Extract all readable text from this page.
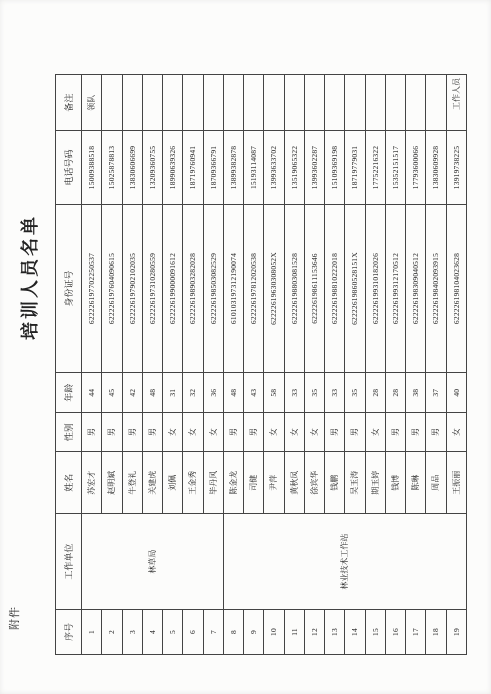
附件
培训人员名单
序号	工作单位	姓名	性别	年龄	身份证号	电话号码	备注
1	林草局	苏宏才	男	44	622226197702250537	15009388518	领队
2		赵明斌	男	45	622226197604090615	15025878813	
3		牛登礼	男	42	622226197902102035	13830606699	
4		关建虎	男	48	622226197310280559	13209360755	
5		刘佩	女	31	622226199000091612	18990639326	
6		王金秀	女	32	622226198903282028	18719760941	
7		毕丹风	女	36	622226198503082529	18709366791	
8	林业技术工作站	陈金龙	男	48	610103197312190074	13899382878	
9		司健	男	43	622226197812020538	15193114087	
10		尹萍	女	58	62222619630308052X	13993633702	
11		黄秋凤	女	33	622226198803081528	13519065322	
12		徐宾华	女	35	622226198611153646	13993602287	
13		钱鹏	男	33	622226198810222018	15109369198	
14		吴玉涛	男	35	62222619860528151X	18719779031	
15		期玉婷	女	28	622226199310182026	17752216322	
16		钱博	男	28	622226199312170512	15352151517	
17		陈琳	男	38	622226198309040512	17793600066	
18		周品	男	37	622226198402093915	13830609928	
19		王振丽	女	40	622226198104023628	13919738225	工作人员
